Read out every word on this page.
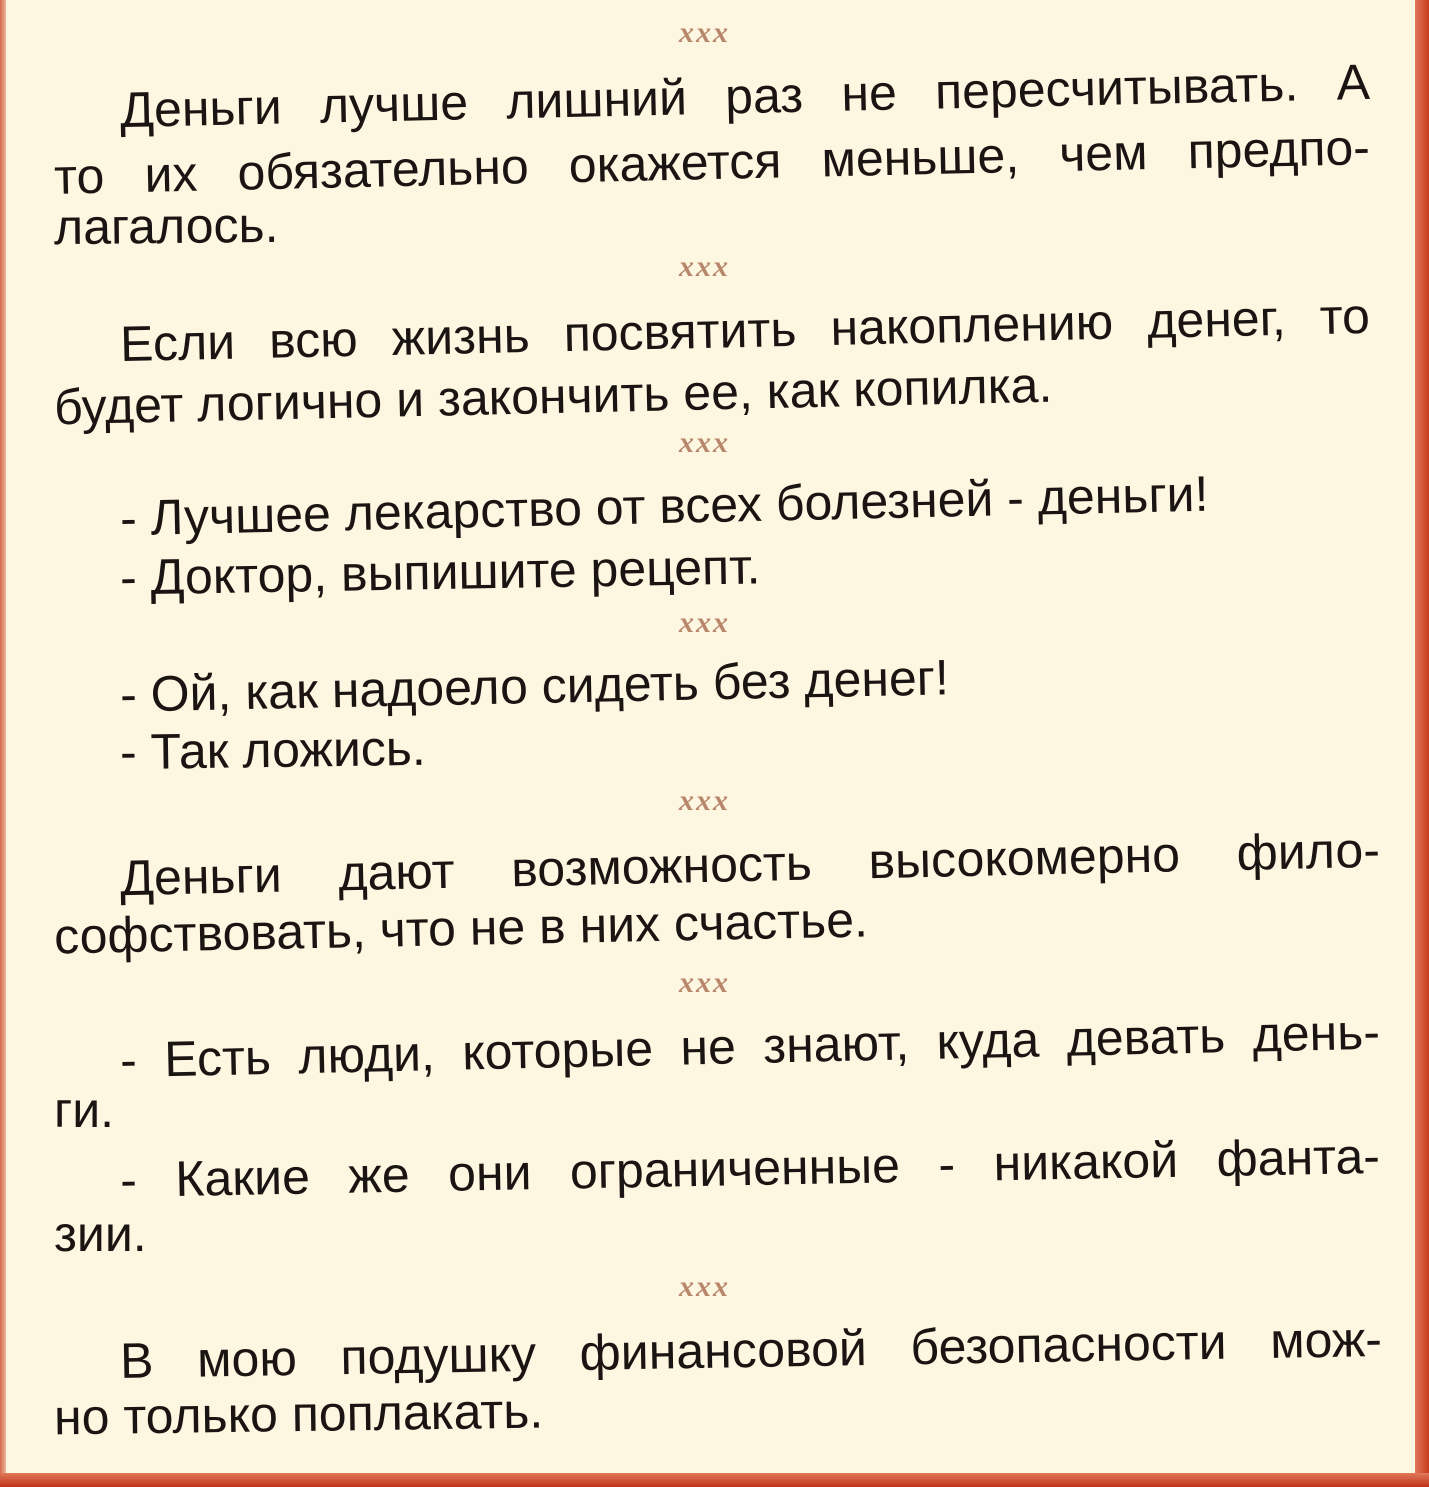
xxx
Деньги лучше лишний раз не пересчитывать. А
то их обязательно окажется меньше, чем предпо-
лагалось.
xxx
Если всю жизнь посвятить накоплению денег, то
будет логично и закончить ее, как копилка.
xxx
- Лучшее лекарство от всех болезней - деньги!
- Доктор, выпишите рецепт.
xxx
- Ой, как надоело сидеть без денег!
- Так ложись.
xxx
Деньги дают возможность высокомерно фило-
софствовать, что не в них счастье.
xxx
- Есть люди, которые не знают, куда девать день-
ги.
- Какие же они ограниченные - никакой фанта-
зии.
xxx
В мою подушку финансовой безопасности мож-
но только поплакать.
